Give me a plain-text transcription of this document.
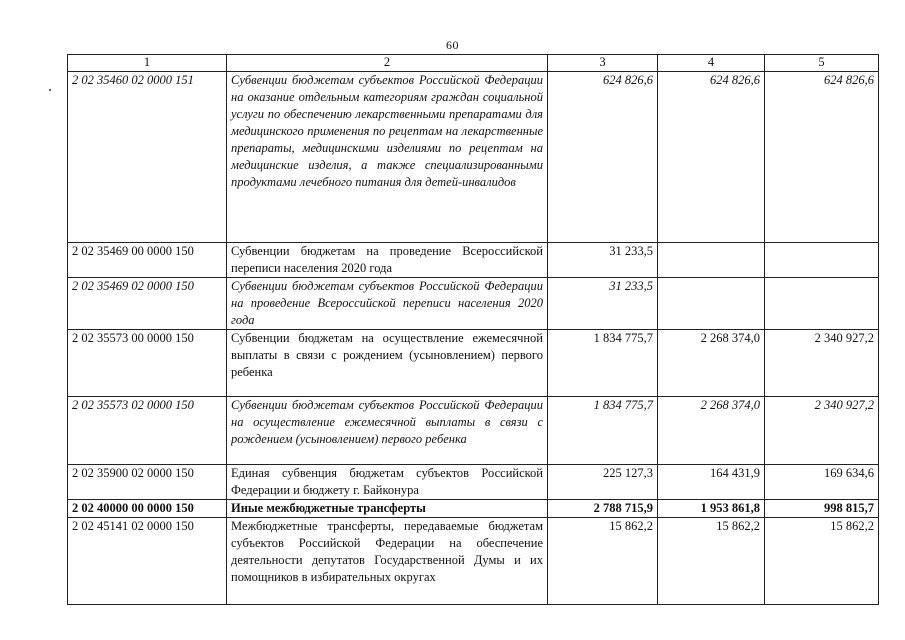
60
1	2	3	4	5
2 02 35460 02 0000 151	Субвенции бюджетам субъектов Российской Федерации на оказание отдельным категориям граждан социальной услуги по обеспечению лекарственными препаратами для медицинского применения по рецептам на лекарственные препараты, медицинскими изделиями по рецептам на медицинские изделия, а также специализированными продуктами лечебного питания для детей-инвалидов	624 826,6	624 826,6	624 826,6
2 02 35469 00 0000 150	Субвенции бюджетам на проведение Всероссийской переписи населения 2020 года	31 233,5		
2 02 35469 02 0000 150	Субвенции бюджетам субъектов Российской Федерации на проведение Всероссийской переписи населения 2020 года	31 233,5		
2 02 35573 00 0000 150	Субвенции бюджетам на осуществление ежемесячной выплаты в связи с рождением (усыновлением) первого ребенка	1 834 775,7	2 268 374,0	2 340 927,2
2 02 35573 02 0000 150	Субвенции бюджетам субъектов Российской Федерации на осуществление ежемесячной выплаты в связи с рождением (усыновлением) первого ребенка	1 834 775,7	2 268 374,0	2 340 927,2
2 02 35900 02 0000 150	Единая субвенция бюджетам субъектов Российской Федерации и бюджету г. Байконура	225 127,3	164 431,9	169 634,6
2 02 40000 00 0000 150	Иные межбюджетные трансферты	2 788 715,9	1 953 861,8	998 815,7
2 02 45141 02 0000 150	Межбюджетные трансферты, передаваемые бюджетам субъектов Российской Федерации на обеспечение деятельности депутатов Государственной Думы и их помощников в избирательных округах	15 862,2	15 862,2	15 862,2
